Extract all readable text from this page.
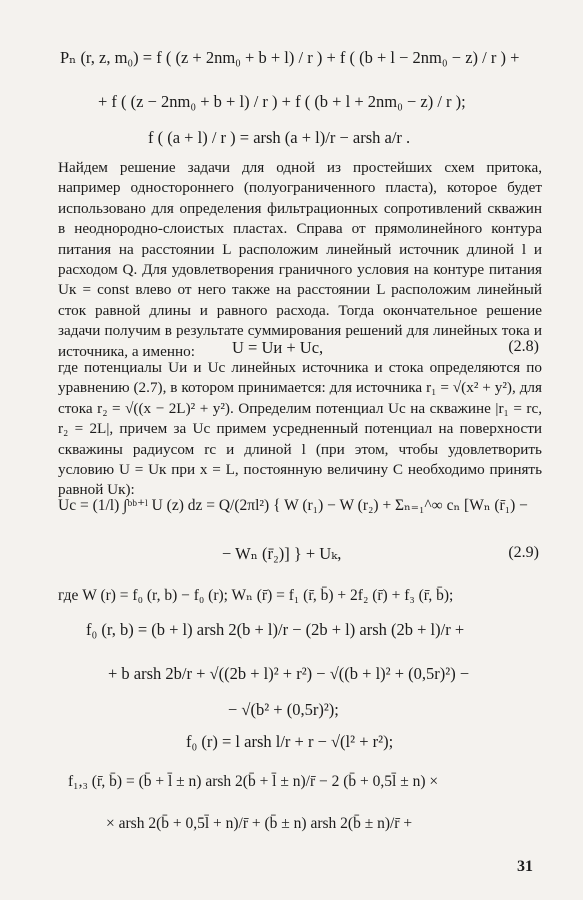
Pₙ (r, z, m₀) = f ( (z + 2nm₀ + b + l) / r ) + f ( (b + l − 2nm₀ − z) / r ) +
+ f ( (z − 2nm₀ + b + l) / r ) + f ( (b + l + 2nm₀ − z) / r );
f ( (a + l) / r ) = arsh (a + l)/r − arsh a/r .

Найдем решение задачи для одной из простейших схем притока, например одностороннего (полуограниченного пласта), которое будет использовано для определения фильтрационных сопротивлений скважин в неоднородно-слоистых пластах. Справа от прямолинейного контура питания на расстоянии L расположим линейный источник длиной l и расходом Q. Для удовлетворения граничного условия на контуре питания Uк = const влево от него также на расстоянии L расположим линейный сток равной длины и равного расхода. Тогда окончательное решение задачи получим в результате суммирования решений для линейных тока и источника, а именно:	U = Uи + Uс,	(2.8)

где потенциалы Uи и Uс линейных источника и стока определяются по уравнению (2.7), в котором принимается: для источника r₁ = √(x² + y²), для стока r₂ = √((x − 2L)² + y²). Определим потенциал Uс на скважине |r₁ = rс, r₂ = 2L|, причем за Uс примем усредненный потенциал на поверхности скважины радиусом rс и длиной l (при этом, чтобы удовлетворить условию U = Uк при x = L, постоянную величину C необходимо принять равной Uк):

Uс = (1/l) ∫ᵇᵇ⁺ˡ U (z) dz = Q/(2πl²) { W (r₁) − W (r₂) + Σₙ₌₁^∞ cₙ [Wₙ (r̄₁) −
− Wₙ (r̄₂)] } + Uₖ,	(2.9)
где W (r) = f₀ (r, b) − f₀ (r); Wₙ (r̄) = f₁ (r̄, b̄) + 2f₂ (r̄) + f₃ (r̄, b̄);
f₀ (r, b) = (b + l) arsh 2(b + l)/r − (2b + l) arsh (2b + l)/r +
+ b arsh 2b/r + √((2b + l)² + r²) − √((b + l)² + (0,5r)²) −
− √(b² + (0,5r)²);
f₀ (r) = l arsh l/r + r − √(l² + r²);
f₁,₃ (r̄, b̄) = (b̄ + l̄ ± n) arsh 2(b̄ + l̄ ± n)/r̄ − 2 (b̄ + 0,5l̄ ± n) ×
× arsh 2(b̄ + 0,5l̄ + n)/r̄ + (b̄ ± n) arsh 2(b̄ ± n)/r̄ +
31
